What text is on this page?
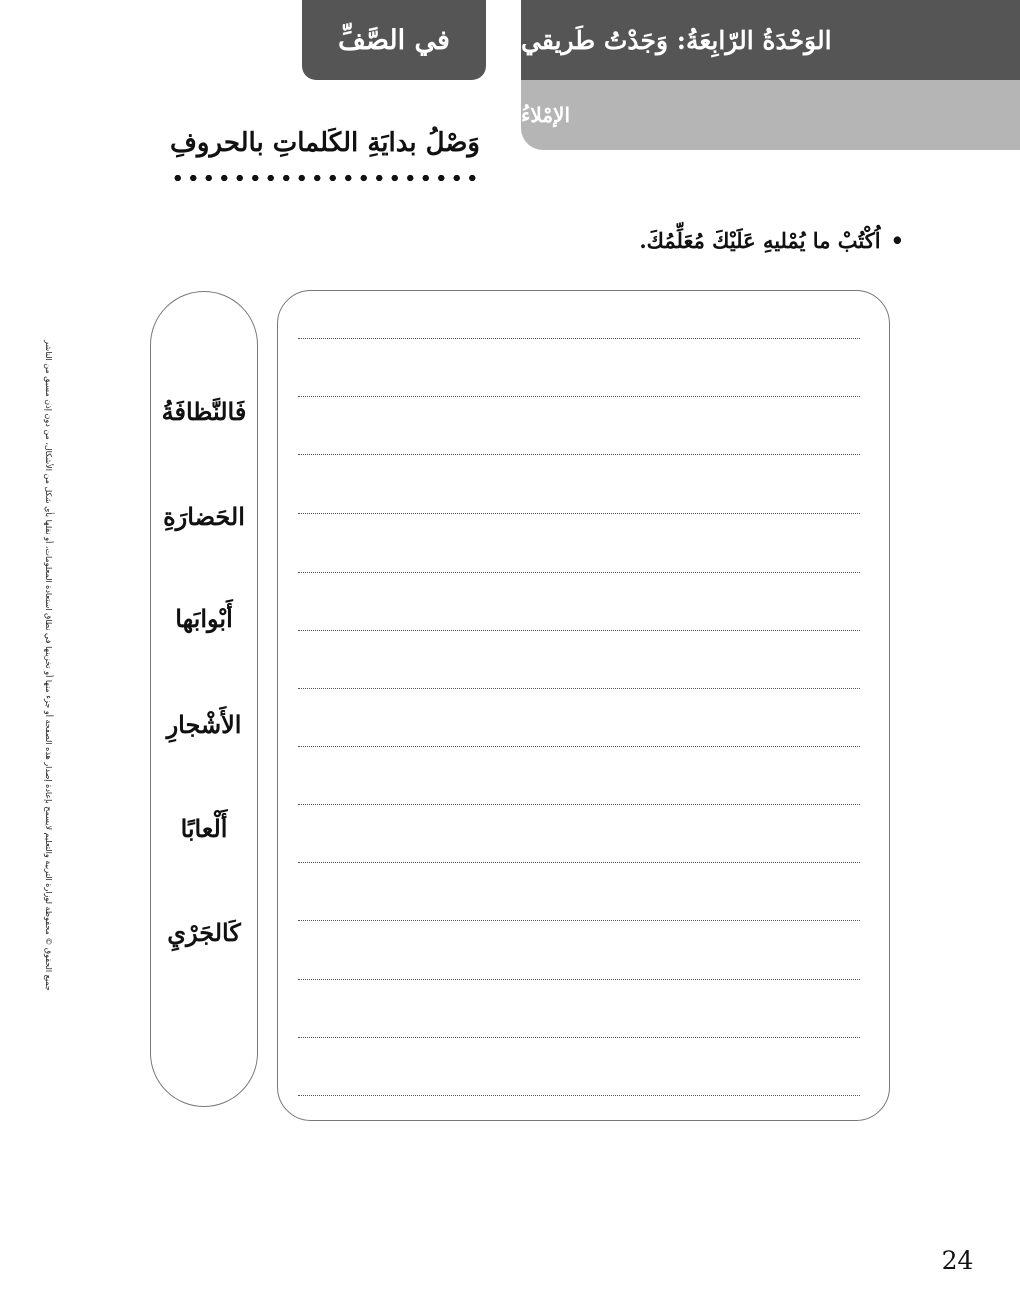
الوَحْدَةُ الرّابِعَةُ: وَجَدْتُ طَريقي
الإمْلاءُ
في الصَّفِّ
وَصْلُ بدايَةِ الكَلماتِ بالحروفِ
•اُكْتُبْ ما يُمْليهِ عَلَيْكَ مُعَلِّمُكَ.
فَالنَّظافَةُ
الحَضارَةِ
أَبْوابَها
الأَشْجارِ
أَلْعابًا
كَالجَرْيِ
جميع الحقوق © محفوظة لوزارة التربية والتعليم لايسمح بإعادة إصدار هذه الصفحة أو جزء منها أو تخزينها في نطاق استعادة المعلومات، أو نقلها بأي شكل من الأشكال، من دون إذن مسبق من الناشر
24
